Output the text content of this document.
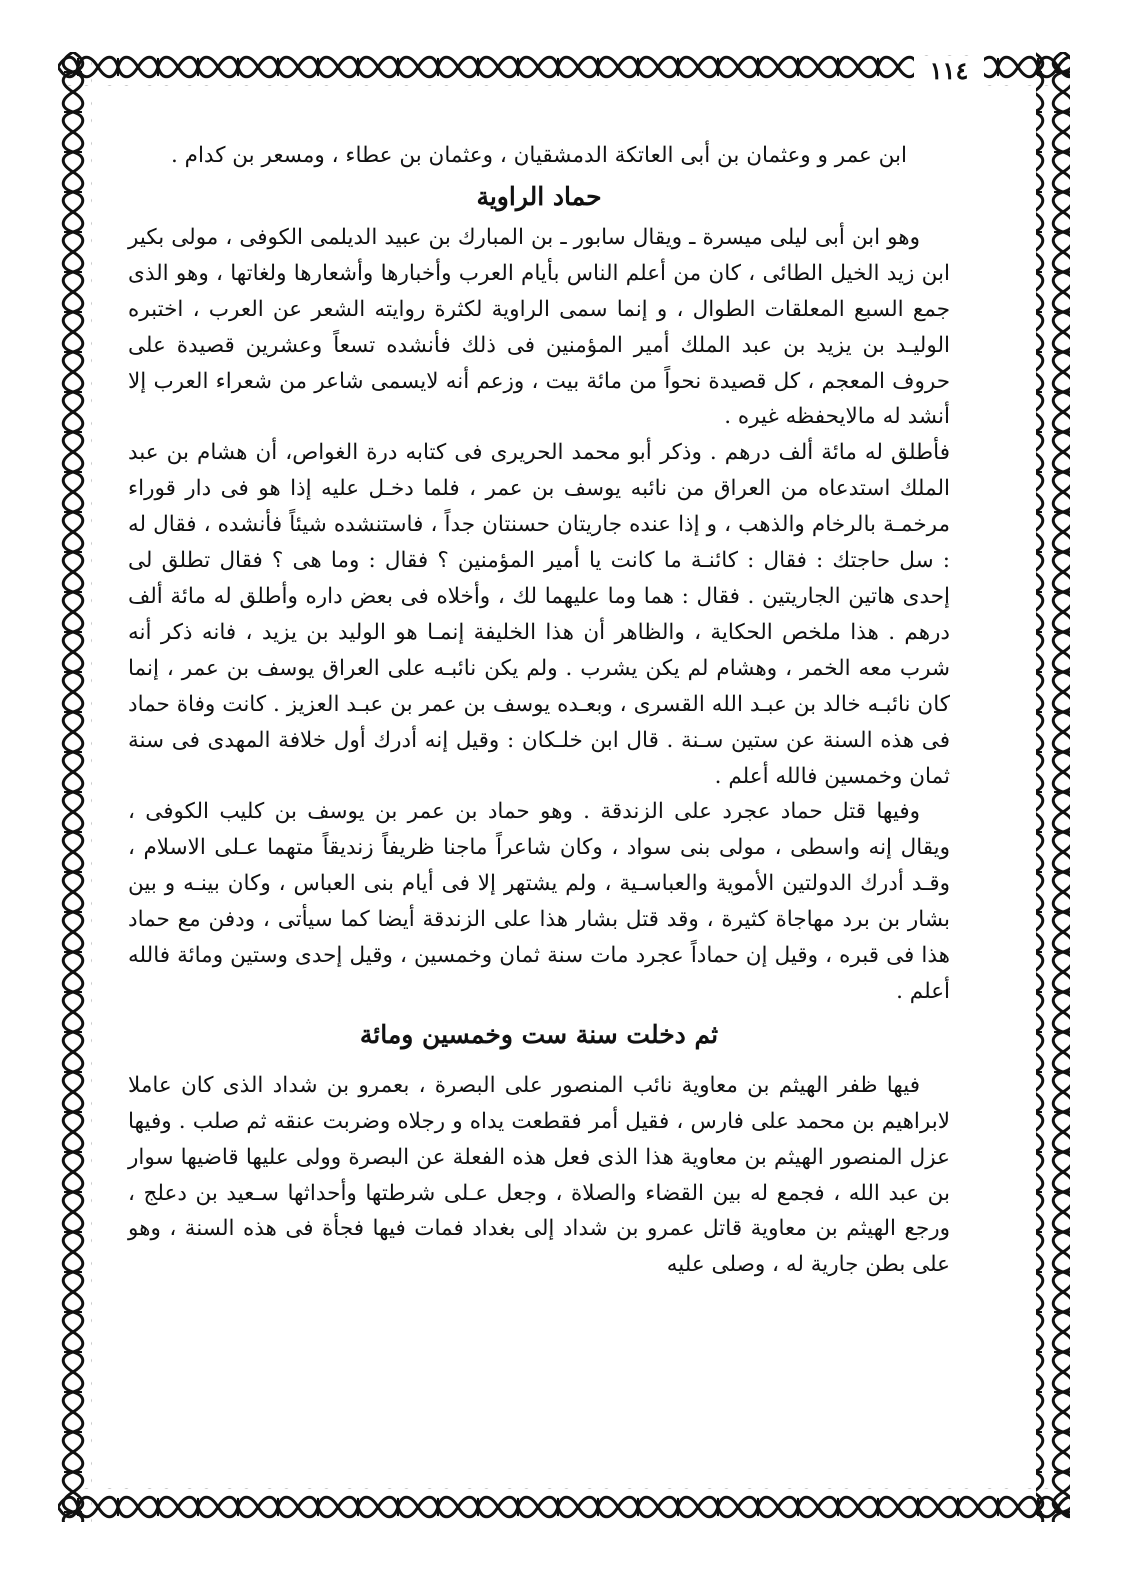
١١٤

ابن عمر و وعثمان بن أبى العاتكة الدمشقيان ، وعثمان بن عطاء ، ومسعر بن كدام .

حماد الراوية

وهو ابن أبى ليلى ميسرة ـ ويقال سابور ـ بن المبارك بن عبيد الديلمى الكوفى ، مولى بكير ابن زيد الخيل الطائى ، كان من أعلم الناس بأيام العرب وأخبارها وأشعارها ولغاتها ، وهو الذى جمع السبع المعلقات الطوال ، و إنما سمى الراوية لكثرة روايته الشعر عن العرب ، اختبره الوليـد بن يزيد بن عبد الملك أمير المؤمنين فى ذلك فأنشده تسعاً وعشرين قصيدة على حروف المعجم ، كل قصيدة نحواً من مائة بيت ، وزعم أنه لايسمى شاعر من شعراء العرب إلا أنشد له مالايحفظه غيره .

فأطلق له مائة ألف درهم . وذكر أبو محمد الحريرى فى كتابه درة الغواص، أن هشام بن عبد الملك استدعاه من العراق من نائبه يوسف بن عمر ، فلما دخـل عليه إذا هو فى دار قوراء مرخمـة بالرخام والذهب ، و إذا عنده جاريتان حسنتان جداً ، فاستنشده شيئاً فأنشده ، فقال له : سل حاجتك : فقال : كائنـة ما كانت يا أمير المؤمنين ؟ فقال : وما هى ؟ فقال تطلق لى إحدى هاتين الجاريتين . فقال : هما وما عليهما لك ، وأخلاه فى بعض داره وأطلق له مائة ألف درهم . هذا ملخص الحكاية ، والظاهر أن هذا الخليفة إنمـا هو الوليد بن يزيد ، فانه ذكر أنه شرب معه الخمر ، وهشام لم يكن يشرب . ولم يكن نائبـه على العراق يوسف بن عمر ، إنما كان نائبـه خالد بن عبـد الله القسرى ، وبعـده يوسف بن عمر بن عبـد العزيز . كانت وفاة حماد فى هذه السنة عن ستين سـنة . قال ابن خلـكان : وقيل إنه أدرك أول خلافة المهدى فى سنة ثمان وخمسين فالله أعلم .

وفيها قتل حماد عجرد على الزندقة . وهو حماد بن عمر بن يوسف بن كليب الكوفى ، ويقال إنه واسطى ، مولى بنى سواد ، وكان شاعراً ماجنا ظريفاً زنديقاً متهما عـلى الاسلام ، وقـد أدرك الدولتين الأموية والعباسـية ، ولم يشتهر إلا فى أيام بنى العباس ، وكان بينـه و بين بشار بن برد مهاجاة كثيرة ، وقد قتل بشار هذا على الزندقة أيضا كما سيأتى ، ودفن مع حماد هذا فى قبره ، وقيل إن حماداً عجرد مات سنة ثمان وخمسين ، وقيل إحدى وستين ومائة فالله أعلم .

ثم دخلت سنة ست وخمسين ومائة

فيها ظفر الهيثم بن معاوية نائب المنصور على البصرة ، بعمرو بن شداد الذى كان عاملا لابراهيم بن محمد على فارس ، فقيل أمر فقطعت يداه و رجلاه وضربت عنقه ثم صلب . وفيها عزل المنصور الهيثم بن معاوية هذا الذى فعل هذه الفعلة عن البصرة وولى عليها قاضيها سوار بن عبد الله ، فجمع له بين القضاء والصلاة ، وجعل عـلى شرطتها وأحداثها سـعيد بن دعلج ، ورجع الهيثم بن معاوية قاتل عمرو بن شداد إلى بغداد فمات فيها فجأة فى هذه السنة ، وهو على بطن جارية له ، وصلى عليه
